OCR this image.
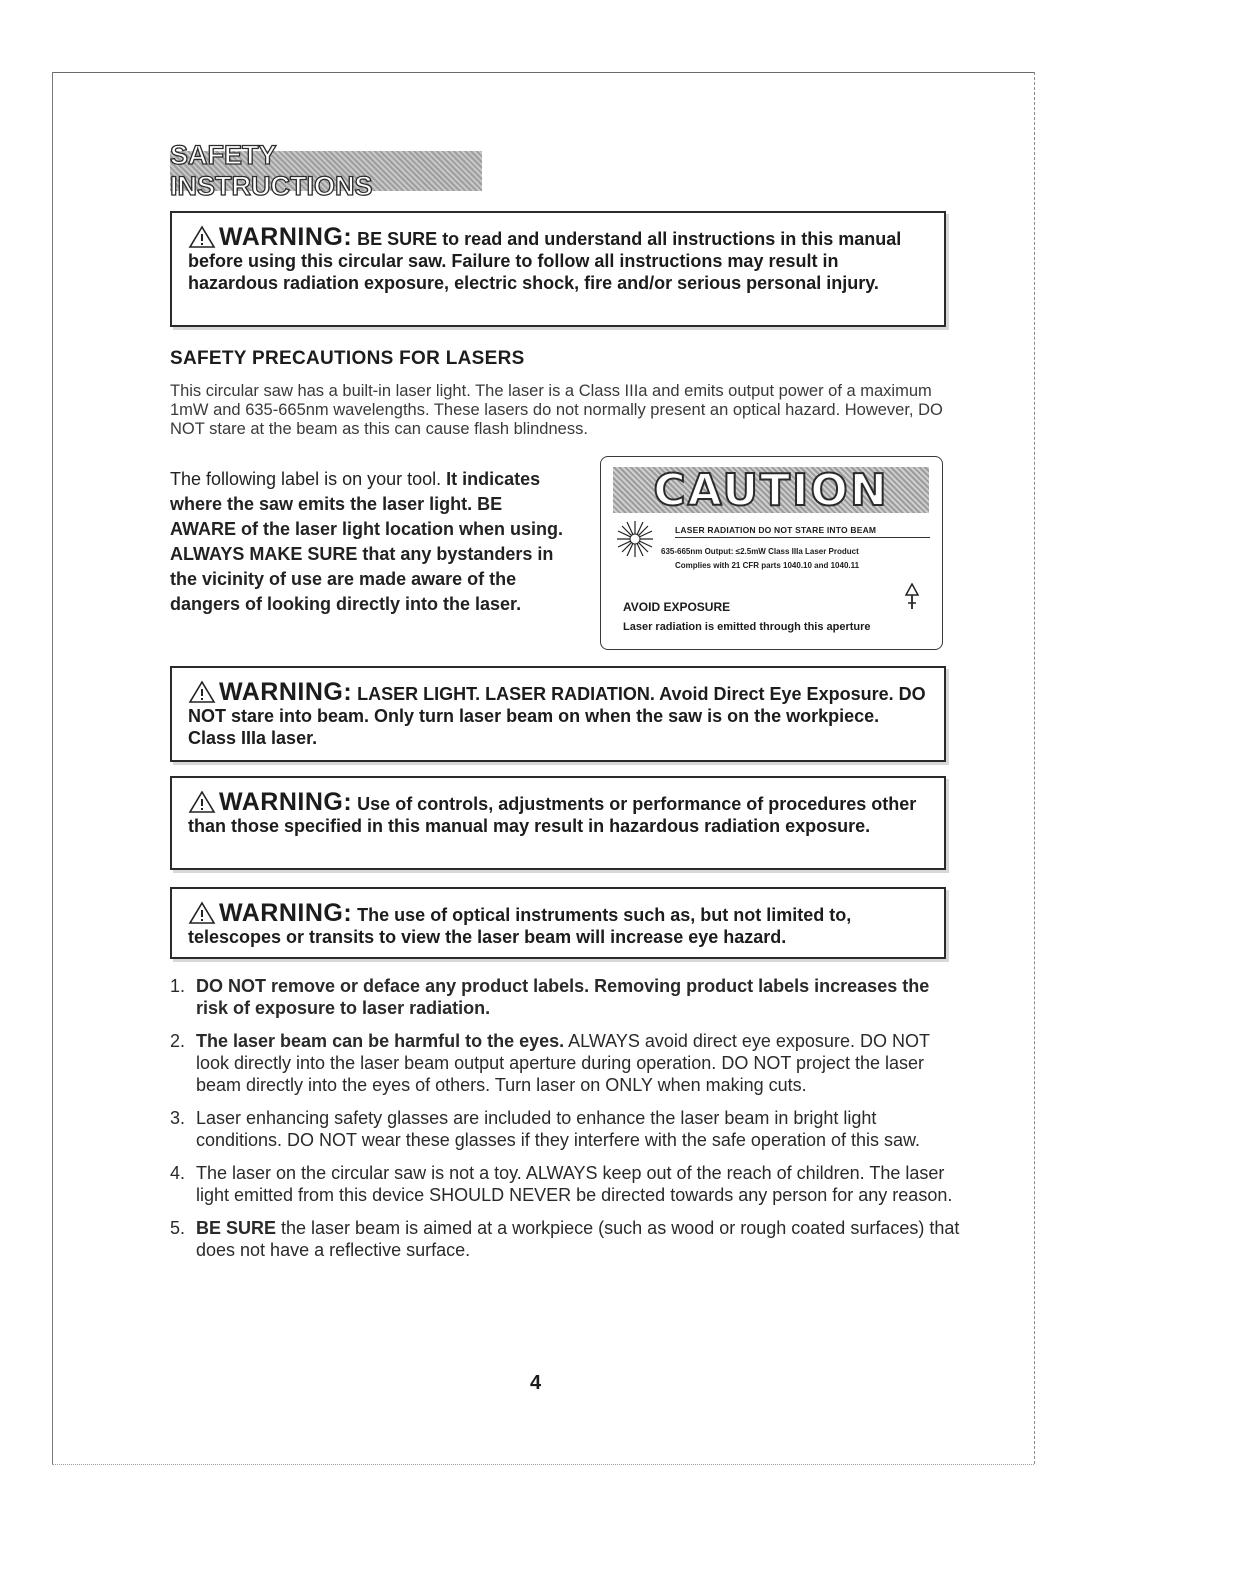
SAFETY INSTRUCTIONS
WARNING: BE SURE to read and understand all instructions in this manual before using this circular saw. Failure to follow all instructions may result in hazardous radiation exposure, electric shock, fire and/or serious personal injury.
SAFETY PRECAUTIONS FOR LASERS
This circular saw has a built-in laser light. The laser is a Class IIIa and emits output power of a maximum 1mW and 635-665nm wavelengths. These lasers do not normally present an optical hazard. However, DO NOT stare at the beam as this can cause flash blindness.
The following label is on your tool. It indicates where the saw emits the laser light. BE AWARE of the laser light location when using. ALWAYS MAKE SURE that any bystanders in the vicinity of use are made aware of the dangers of looking directly into the laser.
CAUTION
LASER RADIATION DO NOT STARE INTO BEAM
635-665nm Output: ≤2.5mW Class IIIa Laser Product
Complies with 21 CFR parts 1040.10 and 1040.11
AVOID EXPOSURE
Laser radiation is emitted through this aperture
WARNING: LASER LIGHT. LASER RADIATION. Avoid Direct Eye Exposure. DO NOT stare into beam. Only turn laser beam on when the saw is on the workpiece. Class IIIa laser.
WARNING: Use of controls, adjustments or performance of procedures other than those specified in this manual may result in hazardous radiation exposure.
WARNING: The use of optical instruments such as, but not limited to, telescopes or transits to view the laser beam will increase eye hazard.
1. DO NOT remove or deface any product labels. Removing product labels increases the risk of exposure to laser radiation.
2. The laser beam can be harmful to the eyes. ALWAYS avoid direct eye exposure. DO NOT look directly into the laser beam output aperture during operation. DO NOT project the laser beam directly into the eyes of others. Turn laser on ONLY when making cuts.
3. Laser enhancing safety glasses are included to enhance the laser beam in bright light conditions. DO NOT wear these glasses if they interfere with the safe operation of this saw.
4. The laser on the circular saw is not a toy. ALWAYS keep out of the reach of children. The laser light emitted from this device SHOULD NEVER be directed towards any person for any reason.
5. BE SURE the laser beam is aimed at a workpiece (such as wood or rough coated surfaces) that does not have a reflective surface.
4
